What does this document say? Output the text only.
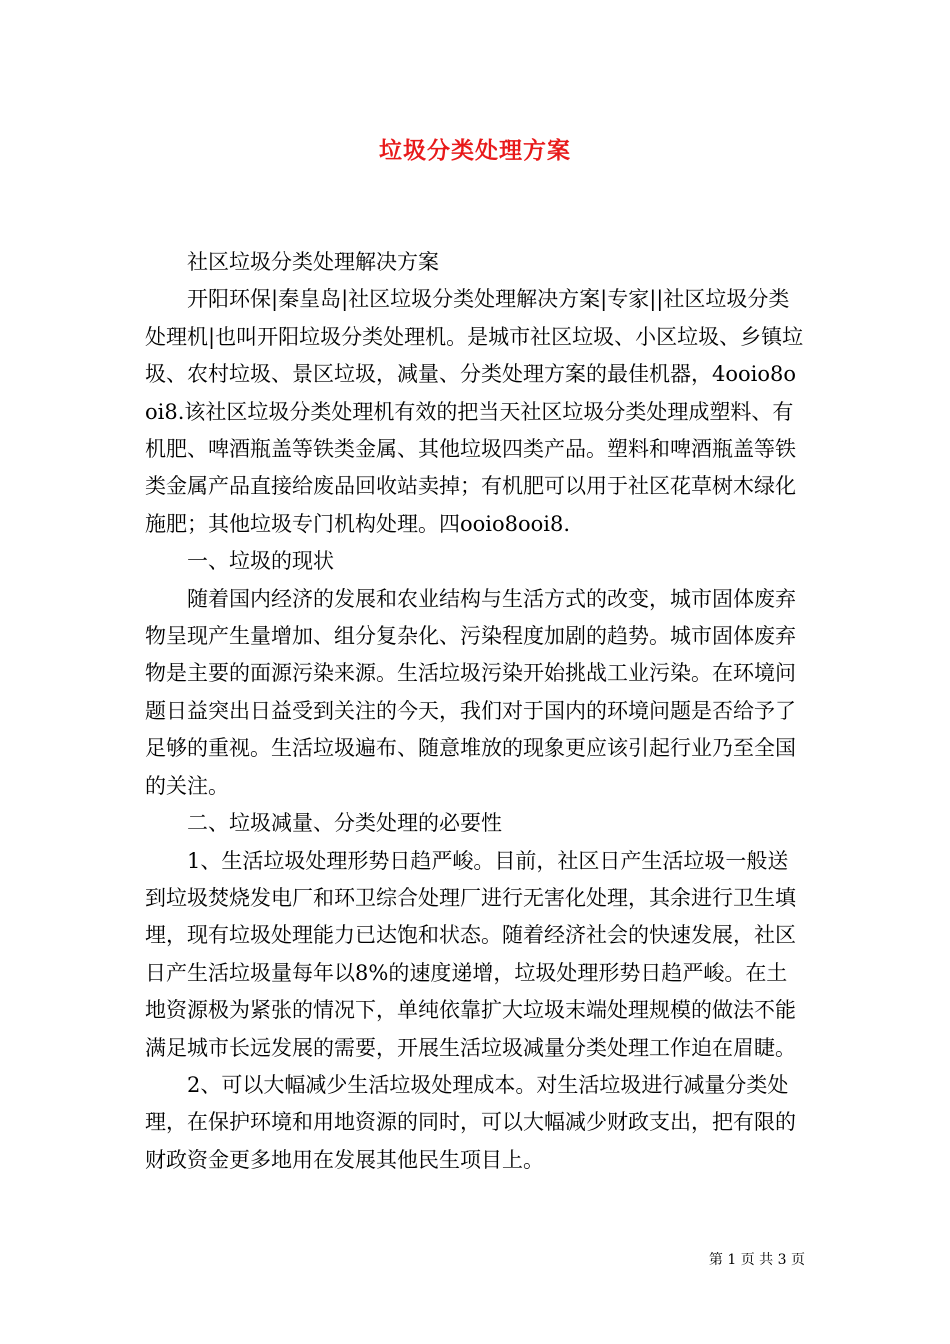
垃圾分类处理方案

社区垃圾分类处理解决方案

开阳环保|秦皇岛|社区垃圾分类处理解决方案|专家||社区垃圾分类处理机|也叫开阳垃圾分类处理机。是城市社区垃圾、小区垃圾、乡镇垃圾、农村垃圾、景区垃圾，减量、分类处理方案的最佳机器，4ooio8ooi8.该社区垃圾分类处理机有效的把当天社区垃圾分类处理成塑料、有机肥、啤酒瓶盖等铁类金属、其他垃圾四类产品。塑料和啤酒瓶盖等铁类金属产品直接给废品回收站卖掉；有机肥可以用于社区花草树木绿化施肥；其他垃圾专门机构处理。四ooio8ooi8.

一、垃圾的现状

随着国内经济的发展和农业结构与生活方式的改变，城市固体废弃物呈现产生量增加、组分复杂化、污染程度加剧的趋势。城市固体废弃物是主要的面源污染来源。生活垃圾污染开始挑战工业污染。在环境问题日益突出日益受到关注的今天，我们对于国内的环境问题是否给予了足够的重视。生活垃圾遍布、随意堆放的现象更应该引起行业乃至全国的关注。

二、垃圾减量、分类处理的必要性

1、生活垃圾处理形势日趋严峻。目前，社区日产生活垃圾一般送到垃圾焚烧发电厂和环卫综合处理厂进行无害化处理，其余进行卫生填埋，现有垃圾处理能力已达饱和状态。随着经济社会的快速发展，社区日产生活垃圾量每年以8%的速度递增，垃圾处理形势日趋严峻。在土地资源极为紧张的情况下，单纯依靠扩大垃圾末端处理规模的做法不能满足城市长远发展的需要，开展生活垃圾减量分类处理工作迫在眉睫。

2、可以大幅减少生活垃圾处理成本。对生活垃圾进行减量分类处理，在保护环境和用地资源的同时，可以大幅减少财政支出，把有限的财政资金更多地用在发展其他民生项目上。

第 1 页 共 3 页
